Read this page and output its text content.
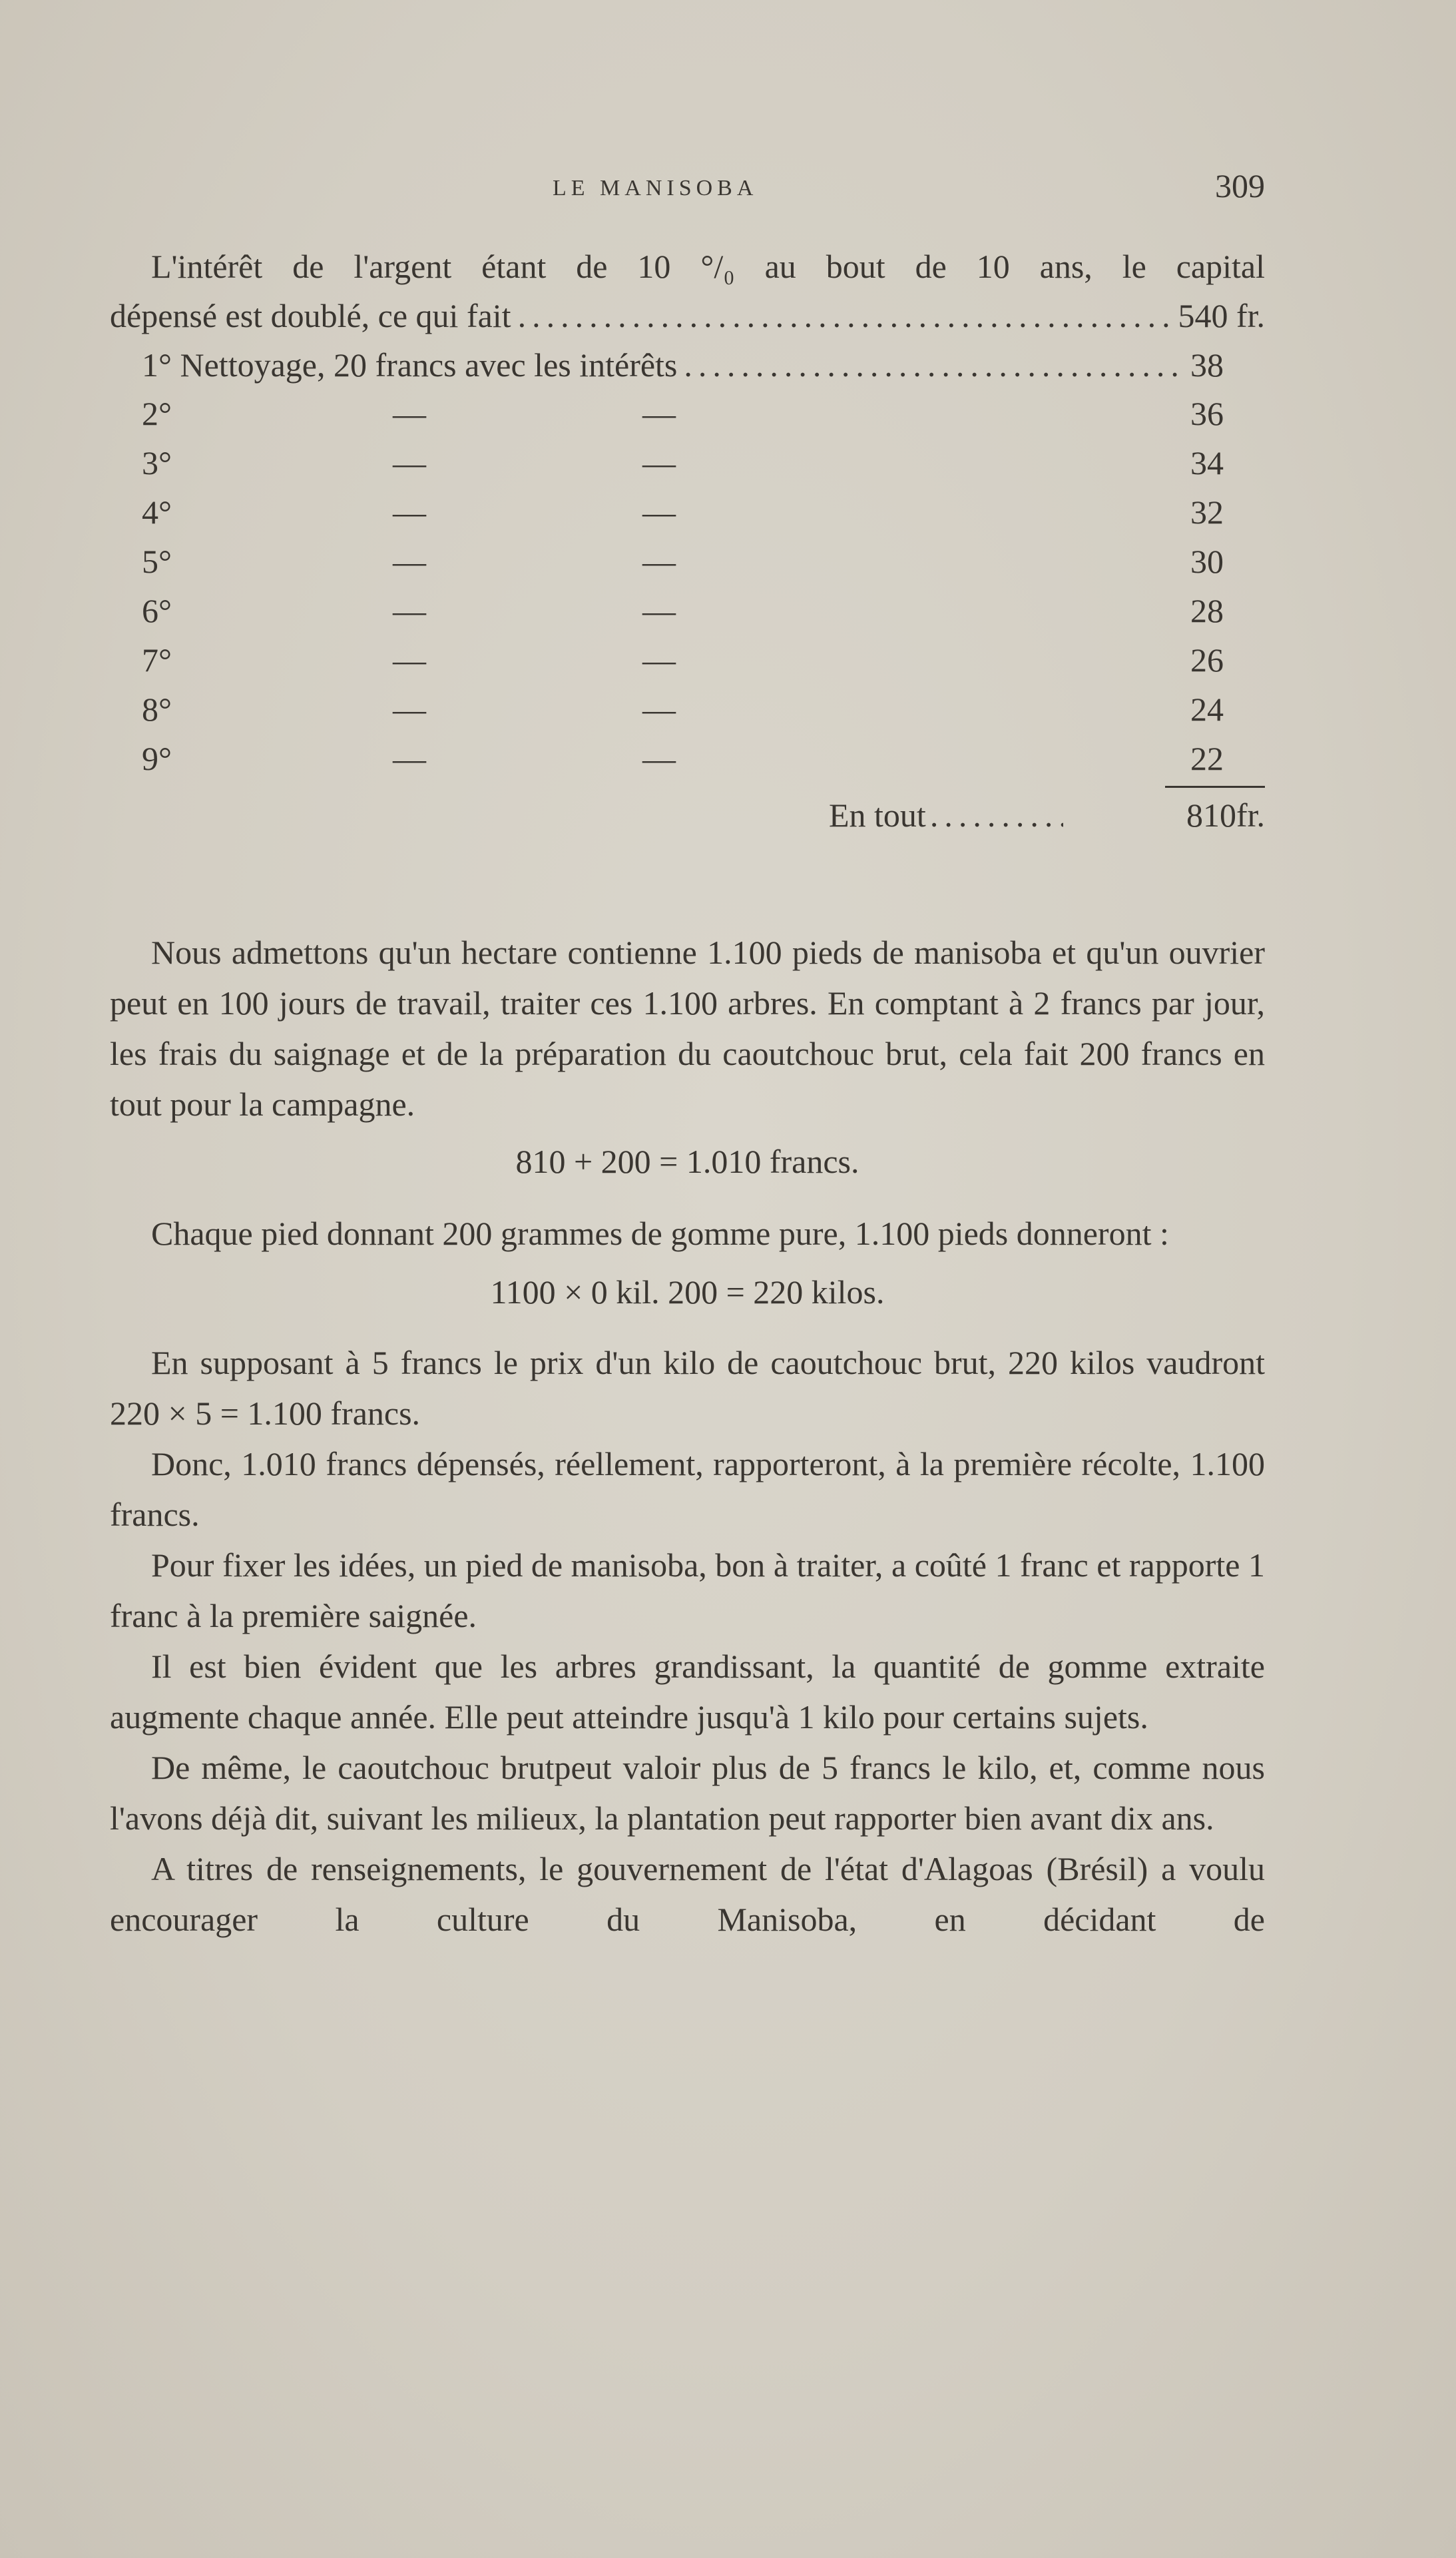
LE MANISOBA	309

L'intérêt de l'argent étant de 10 °/₀ au bout de 10 ans, le capital

dépensé est doublé, ce qui fait .....	540 fr.
1° Nettoyage, 20 francs avec les intérêts .....	38
2°	—	—	36
3°	—	—	34
4°	—	—	32
5°	—	—	30
6°	—	—	28
7°	—	—	26
8°	—	—	24
9°	—	—	22
En tout .....	810fr.

Nous admettons qu'un hectare contienne 1.100 pieds de manisoba et qu'un ouvrier peut en 100 jours de travail, traiter ces 1.100 arbres. En comptant à 2 francs par jour, les frais du saignage et de la préparation du caoutchouc brut, cela fait 200 francs en tout pour la campagne.

810 + 200 = 1.010 francs.

Chaque pied donnant 200 grammes de gomme pure, 1.100 pieds donneront :

1100 × 0 kil. 200 = 220 kilos.

En supposant à 5 francs le prix d'un kilo de caoutchouc brut, 220 kilos vaudront 220 × 5 = 1.100 francs.

Donc, 1.010 francs dépensés, réellement, rapporteront, à la première récolte, 1.100 francs.

Pour fixer les idées, un pied de manisoba, bon à traiter, a coûté 1 franc et rapporte 1 franc à la première saignée.

Il est bien évident que les arbres grandissant, la quantité de gomme extraite augmente chaque année. Elle peut atteindre jusqu'à 1 kilo pour certains sujets.

De même, le caoutchouc brutpeut valoir plus de 5 francs le kilo, et, comme nous l'avons déjà dit, suivant les milieux, la plantation peut rapporter bien avant dix ans.

A titres de renseignements, le gouvernement de l'état d'Alagoas (Brésil) a voulu encourager la culture du Manisoba, en décidant de
